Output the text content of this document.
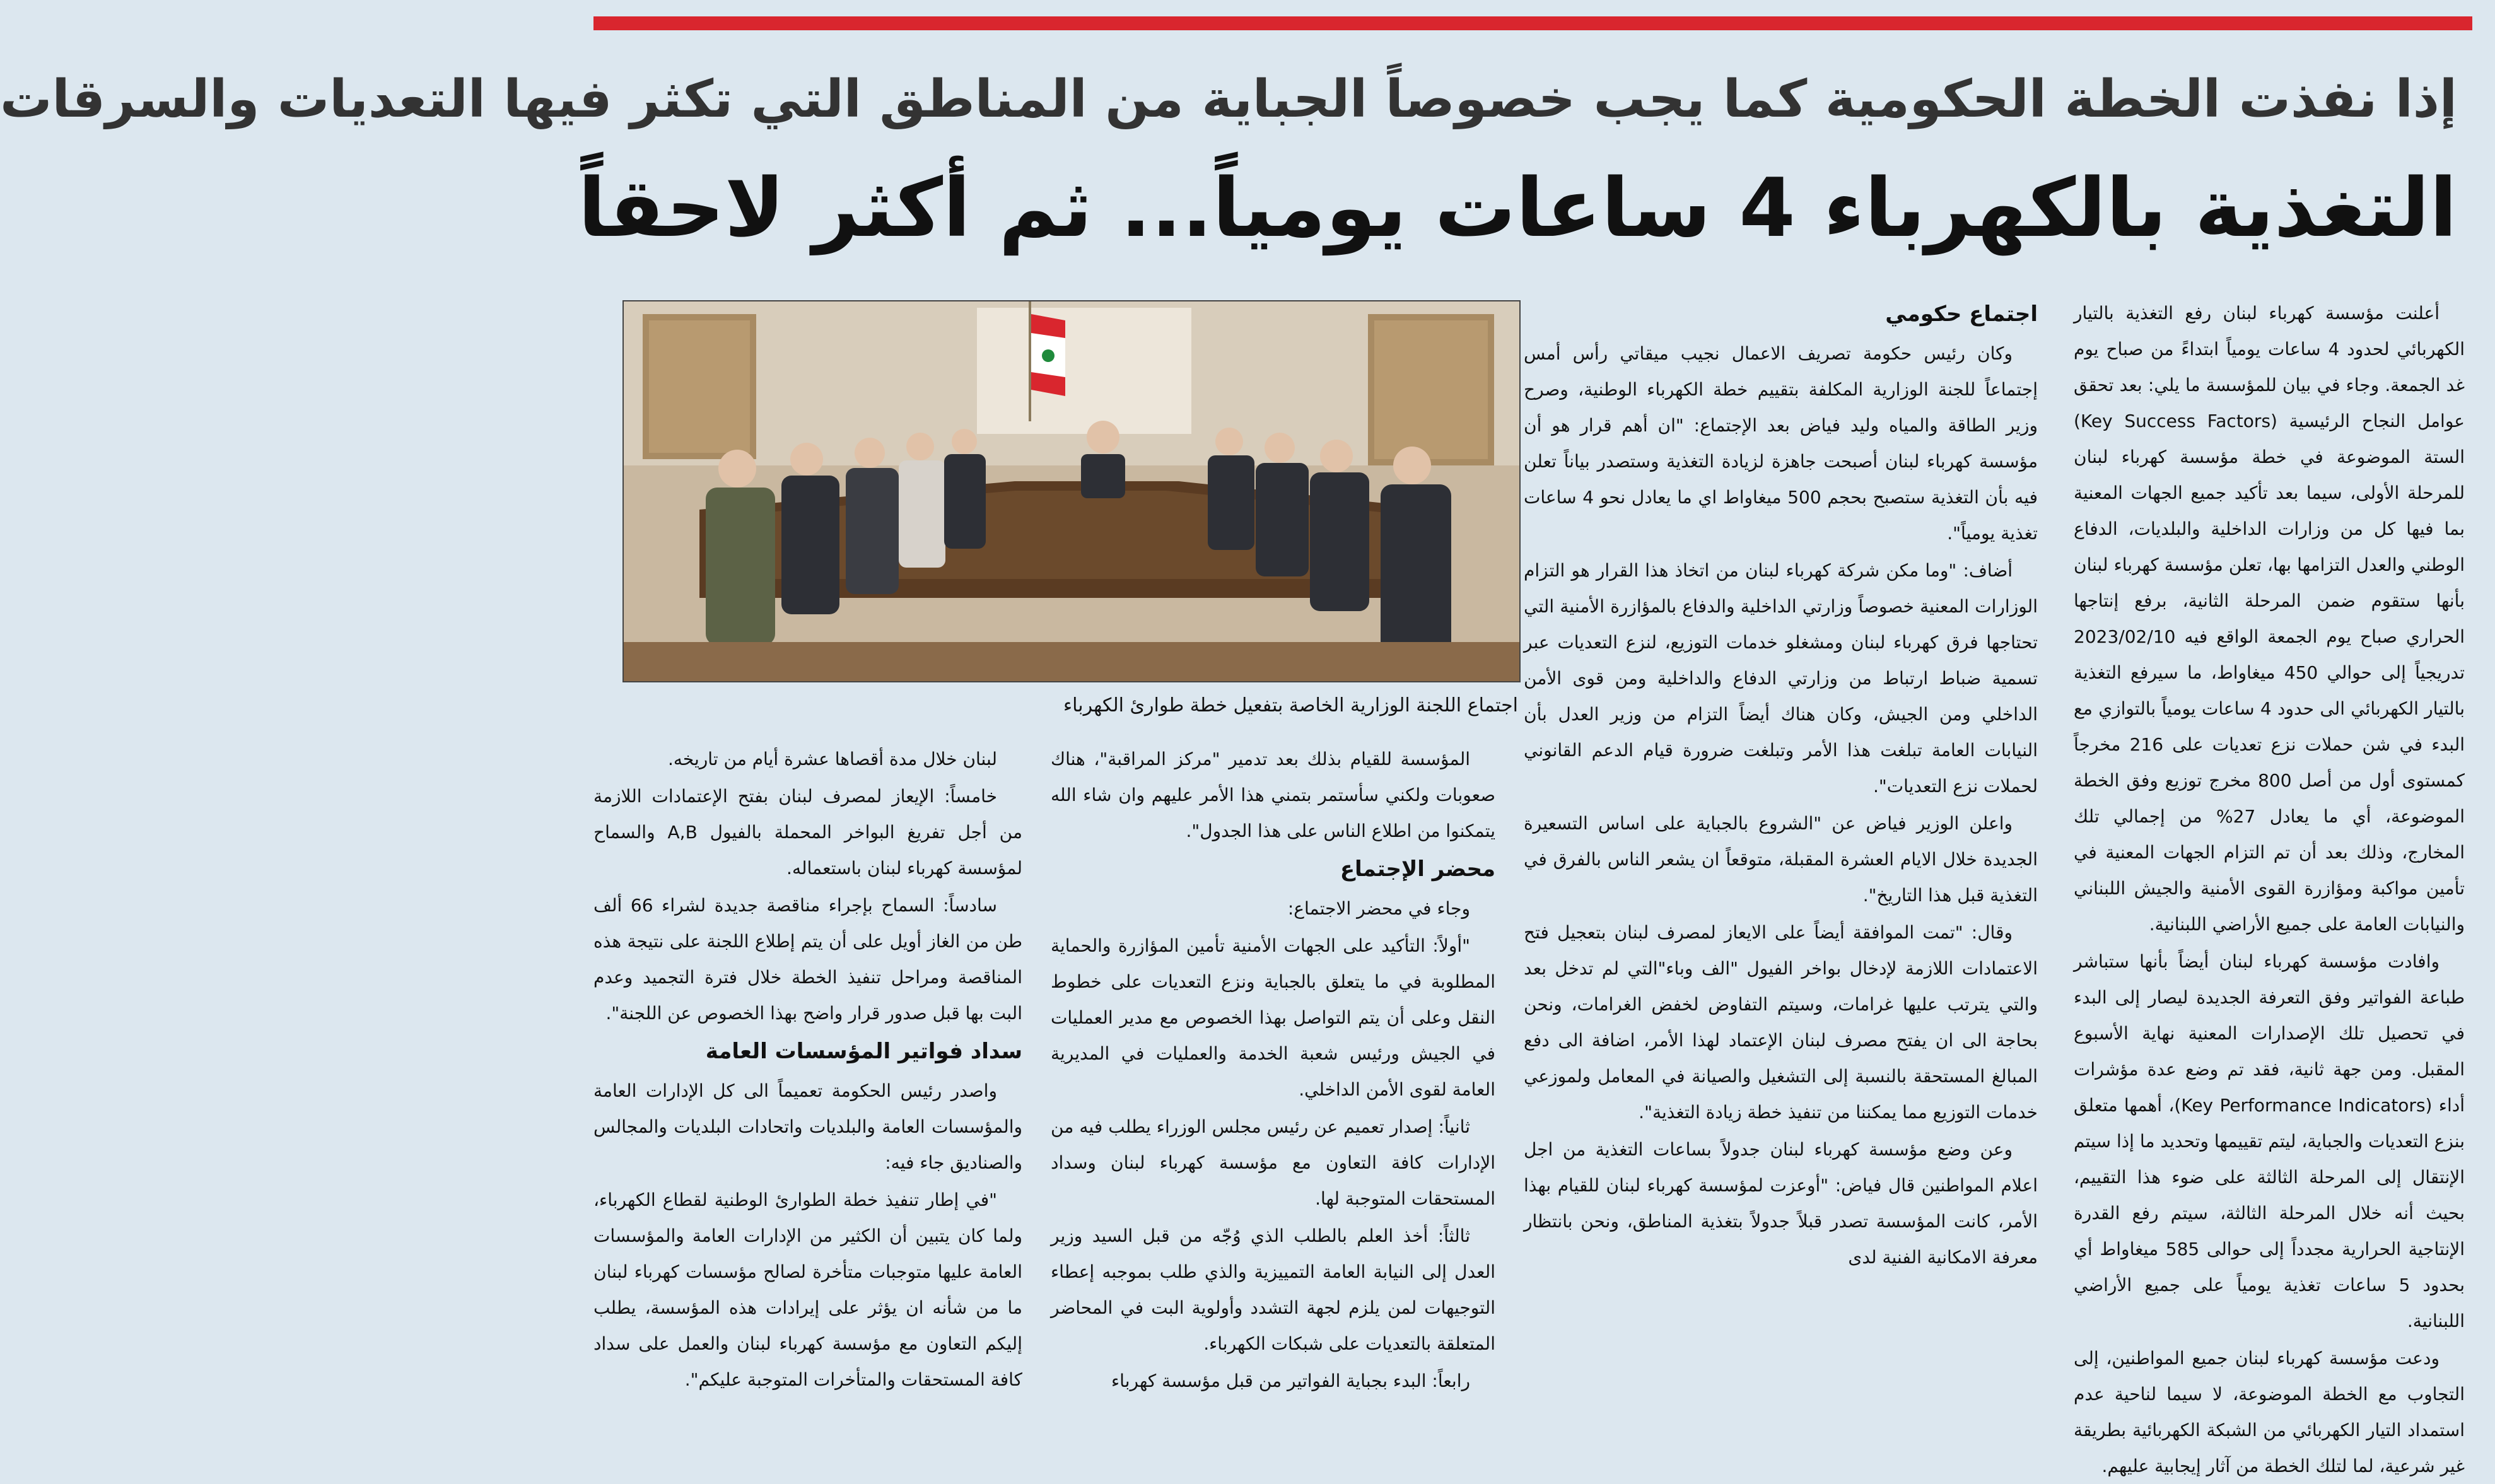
إذا نفذت الخطة الحكومية كما يجب خصوصاً الجباية من المناطق التي تكثر فيها التعديات والسرقات
التغذية بالكهرباء 4 ساعات يومياً... ثم أكثر لاحقاً

أعلنت مؤسسة كهرباء لبنان رفع التغذية بالتيار الكهربائي لحدود 4 ساعات يومياً ابتداءً من صباح يوم غد الجمعة. وجاء في بيان للمؤسسة ما يلي: بعد تحقق عوامل النجاح الرئيسية (Key Success Factors) الستة الموضوعة في خطة مؤسسة كهرباء لبنان للمرحلة الأولى، سيما بعد تأكيد جميع الجهات المعنية بما فيها كل من وزارات الداخلية والبلديات، الدفاع الوطني والعدل التزامها بها، تعلن مؤسسة كهرباء لبنان بأنها ستقوم ضمن المرحلة الثانية، برفع إنتاجها الحراري صباح يوم الجمعة الواقع فيه 2023/02/10 تدريجياً إلى حوالي 450 ميغاواط، ما سيرفع التغذية بالتيار الكهربائي الى حدود 4 ساعات يومياً بالتوازي مع البدء في شن حملات نزع تعديات على 216 مخرجاً كمستوى أول من أصل 800 مخرج توزيع وفق الخطة الموضوعة، أي ما يعادل 27% من إجمالي تلك المخارج، وذلك بعد أن تم التزام الجهات المعنية في تأمين مواكبة ومؤازرة القوى الأمنية والجيش اللبناني والنيابات العامة على جميع الأراضي اللبنانية.

وافادت مؤسسة كهرباء لبنان أيضاً بأنها ستباشر طباعة الفواتير وفق التعرفة الجديدة ليصار إلى البدء في تحصيل تلك الإصدارات المعنية نهاية الأسبوع المقبل. ومن جهة ثانية، فقد تم وضع عدة مؤشرات أداء (Key Performance Indicators)، أهمها متعلق بنزع التعديات والجباية، ليتم تقييمها وتحديد ما إذا سيتم الإنتقال إلى المرحلة الثالثة على ضوء هذا التقييم، بحيث أنه خلال المرحلة الثالثة، سيتم رفع القدرة الإنتاجية الحرارية مجدداً إلى حوالى 585 ميغاواط أي بحدود 5 ساعات تغذية يومياً على جميع الأراضي اللبنانية.

ودعت مؤسسة كهرباء لبنان جميع المواطنين، إلى التجاوب مع الخطة الموضوعة، لا سيما لناحية عدم استمداد التيار الكهربائي من الشبكة الكهربائية بطريقة غير شرعية، لما لتلك الخطة من آثار إيجابية عليهم.

اجتماع حكومي

وكان رئيس حكومة تصريف الاعمال نجيب ميقاتي رأس أمس إجتماعاً للجنة الوزارية المكلفة بتقييم خطة الكهرباء الوطنية، وصرح وزير الطاقة والمياه وليد فياض بعد الإجتماع: "ان أهم قرار هو أن مؤسسة كهرباء لبنان أصبحت جاهزة لزيادة التغذية وستصدر بياناً تعلن فيه بأن التغذية ستصبح بحجم 500 ميغاواط اي ما يعادل نحو 4 ساعات تغذية يومياً".

أضاف: "وما مكن شركة كهرباء لبنان من اتخاذ هذا القرار هو التزام الوزارات المعنية خصوصاً وزارتي الداخلية والدفاع بالمؤازرة الأمنية التي تحتاجها فرق كهرباء لبنان ومشغلو خدمات التوزيع، لنزع التعديات عبر تسمية ضباط ارتباط من وزارتي الدفاع والداخلية ومن قوى الأمن الداخلي ومن الجيش، وكان هناك أيضاً التزام من وزير العدل بأن النيابات العامة تبلغت هذا الأمر وتبلغت ضرورة قيام الدعم القانوني لحملات نزع التعديات".

واعلن الوزير فياض عن "الشروع بالجباية على اساس التسعيرة الجديدة خلال الايام العشرة المقبلة، متوقعاً ان يشعر الناس بالفرق في التغذية قبل هذا التاريخ".

وقال: "تمت الموافقة أيضاً على الايعاز لمصرف لبنان بتعجيل فتح الاعتمادات اللازمة لإدخال بواخر الفيول "الف وباء"التي لم تدخل بعد والتي يترتب عليها غرامات، وسيتم التفاوض لخفض الغرامات، ونحن بحاجة الى ان يفتح مصرف لبنان الإعتماد لهذا الأمر، اضافة الى دفع المبالغ المستحقة بالنسبة إلى التشغيل والصيانة في المعامل ولموزعي خدمات التوزيع مما يمكننا من تنفيذ خطة زيادة التغذية".

وعن وضع مؤسسة كهرباء لبنان جدولاً بساعات التغذية من اجل اعلام المواطنين قال فياض: "أوعزت لمؤسسة كهرباء لبنان للقيام بهذا الأمر، كانت المؤسسة تصدر قبلاً جدولاً بتغذية المناطق، ونحن بانتظار معرفة الامكانية الفنية لدى

اجتماع اللجنة الوزارية الخاصة بتفعيل خطة طوارئ الكهرباء

المؤسسة للقيام بذلك بعد تدمير "مركز المراقبة"، هناك صعوبات ولكني سأستمر بتمني هذا الأمر عليهم وان شاء الله يتمكنوا من اطلاع الناس على هذا الجدول".

محضر الإجتماع

وجاء في محضر الاجتماع:

"أولاً: التأكيد على الجهات الأمنية تأمين المؤازرة والحماية المطلوبة في ما يتعلق بالجباية ونزع التعديات على خطوط النقل وعلى أن يتم التواصل بهذا الخصوص مع مدير العمليات في الجيش ورئيس شعبة الخدمة والعمليات في المديرية العامة لقوى الأمن الداخلي.

ثانياً: إصدار تعميم عن رئيس مجلس الوزراء يطلب فيه من الإدارات كافة التعاون مع مؤسسة كهرباء لبنان وسداد المستحقات المتوجبة لها.

ثالثاً: أخذ العلم بالطلب الذي وُجّه من قبل السيد وزير العدل إلى النيابة العامة التمييزية والذي طلب بموجبه إعطاء التوجيهات لمن يلزم لجهة التشدد وأولوية البت في المحاضر المتعلقة بالتعديات على شبكات الكهرباء.

رابعاً: البدء بجباية الفواتير من قبل مؤسسة كهرباء

لبنان خلال مدة أقصاها عشرة أيام من تاريخه.

خامساً: الإيعاز لمصرف لبنان بفتح الإعتمادات اللازمة من أجل تفريغ البواخر المحملة بالفيول A,B والسماح لمؤسسة كهرباء لبنان باستعماله.

سادساً: السماح بإجراء مناقصة جديدة لشراء 66 ألف طن من الغاز أويل على أن يتم إطلاع اللجنة على نتيجة هذه المناقصة ومراحل تنفيذ الخطة خلال فترة التجميد وعدم البت بها قبل صدور قرار واضح بهذا الخصوص عن اللجنة".

سداد فواتير المؤسسات العامة

واصدر رئيس الحكومة تعميماً الى كل الإدارات العامة والمؤسسات العامة والبلديات واتحادات البلديات والمجالس والصناديق جاء فيه:

"في إطار تنفيذ خطة الطوارئ الوطنية لقطاع الكهرباء، ولما كان يتبين أن الكثير من الإدارات العامة والمؤسسات العامة عليها متوجبات متأخرة لصالح مؤسسات كهرباء لبنان ما من شأنه ان يؤثر على إيرادات هذه المؤسسة، يطلب إليكم التعاون مع مؤسسة كهرباء لبنان والعمل على سداد كافة المستحقات والمتأخرات المتوجبة عليكم".
